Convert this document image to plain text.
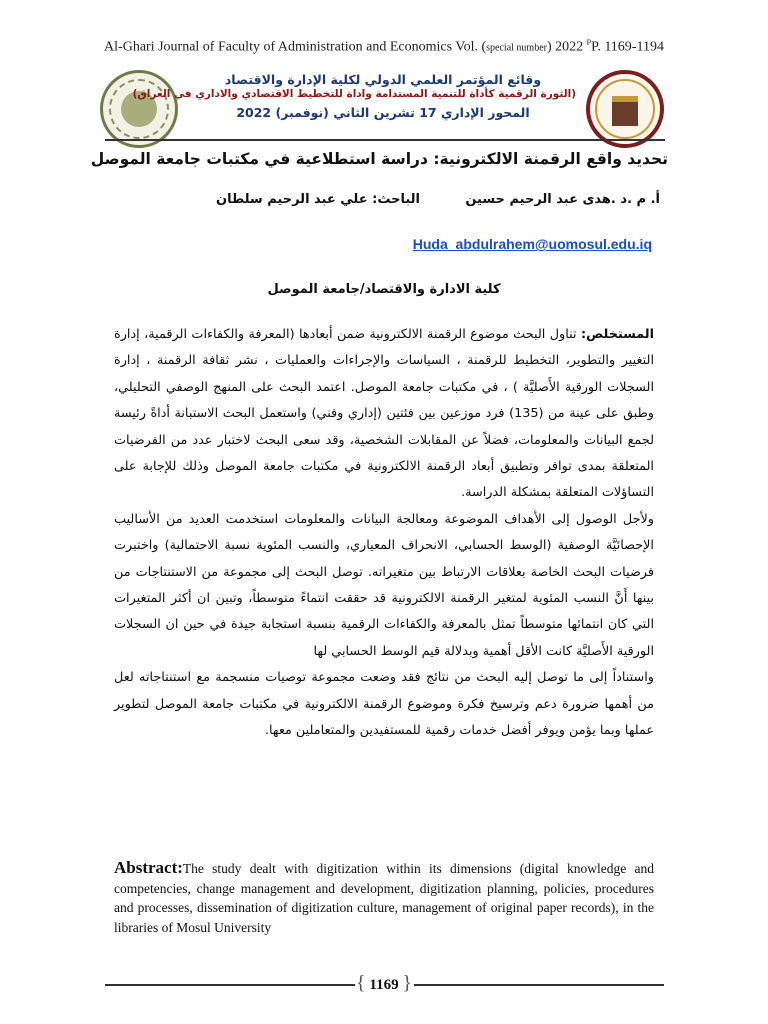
Al-Ghari Journal of Faculty of Administration and Economics Vol. (special number) 2022 $^P$P. 1169-1194
وقائع المؤتمر العلمي الدولي لكلية الإدارة والاقتصاد
(الثورة الرقمية كأداة للتنمية المستدامة واداة للتخطيط الاقتصادي والاداري في العراق)
المحور الإداري 17 تشرين الثاني (نوفمبر) 2022
تحديد واقع الرقمنة الالكترونية: دراسة استطلاعية في مكتبات جامعة الموصل
أ. م .د .هدى عبد الرحيم حسين
الباحث: علي عبد الرحيم سلطان
Huda_abdulrahem@uomosul.edu.iq
كلية الادارة والاقتصاد/جامعة الموصل

المستخلص: تناول البحث موضوع الرقمنة الالكترونية ضمن أبعادها (المعرفة والكفاءات الرقمية، إدارة التغيير والتطوير، التخطيط للرقمنة ، السياسات والإجراءات والعمليات ، نشر ثقافة الرقمنة ، إدارة السجلات الورقية الأَصليَّة ) ، في مكتبات جامعة الموصل. اعتمد البحث على المنهج الوصفي التحليلي، وطبق على عينة من (135) فرد موزعين بين فئتين (إداري وفني) واستعمل البحث الاستبانة أداةً رئيسة لجمع البيانات والمعلومات، فضلاً عن المقابلات الشخصية، وقد سعى البحث لاختبار عدد من الفرضيات المتعلقة بمدى توافر وتطبيق أبعاد الرقمنة الالكترونية في مكتبات جامعة الموصل وذلك للإجابة على التساؤلات المتعلقة بمشكلة الدراسة.

ولأجل الوصول إلى الأهداف الموضوعة ومعالجة البيانات والمعلومات استخدمت العديد من الأساليب الإحصائيَّة الوصفية (الوسط الحسابي، الانحراف المعياري، والنسب المئوية نسبة الاحتمالية) واختبرت فرضيات البحث الخاصة بعلاقات الارتباط بين متغيراته. توصل البحث إلى مجموعة من الاستنتاجات من بينها أَنَّ النسب المئوية لمتغير الرقمنة الالكترونية قد حققت انتماءً متوسطاً، وتبين ان أكثر المتغيرات التي كان انتمائها متوسطاً تمثل بالمعرفة والكفاءات الرقمية بنسبة استجابة جيدة في حين ان السجلات الورقية الأَصليَّة كانت الأقل أهمية وبدلالة قيم الوسط الحسابي لها

واستناداً إلى ما توصل إليه البحث من نتائج فقد وضعت مجموعة توصيات منسجمة مع استنتاجاته لعل من أهمها ضرورة دعم وترسيخ فكرة وموضوع الرقمنة الالكترونية في مكتبات جامعة الموصل لتطوير عملها وبما يؤمن ويوفر أفضل خدمات رقمية للمستفيدين والمتعاملين معها.

Abstract:The study dealt with digitization within its dimensions (digital knowledge and competencies, change management and development, digitization planning, policies, procedures and processes, dissemination of digitization culture, management of original paper records), in the libraries of Mosul University
{ 1169 }
